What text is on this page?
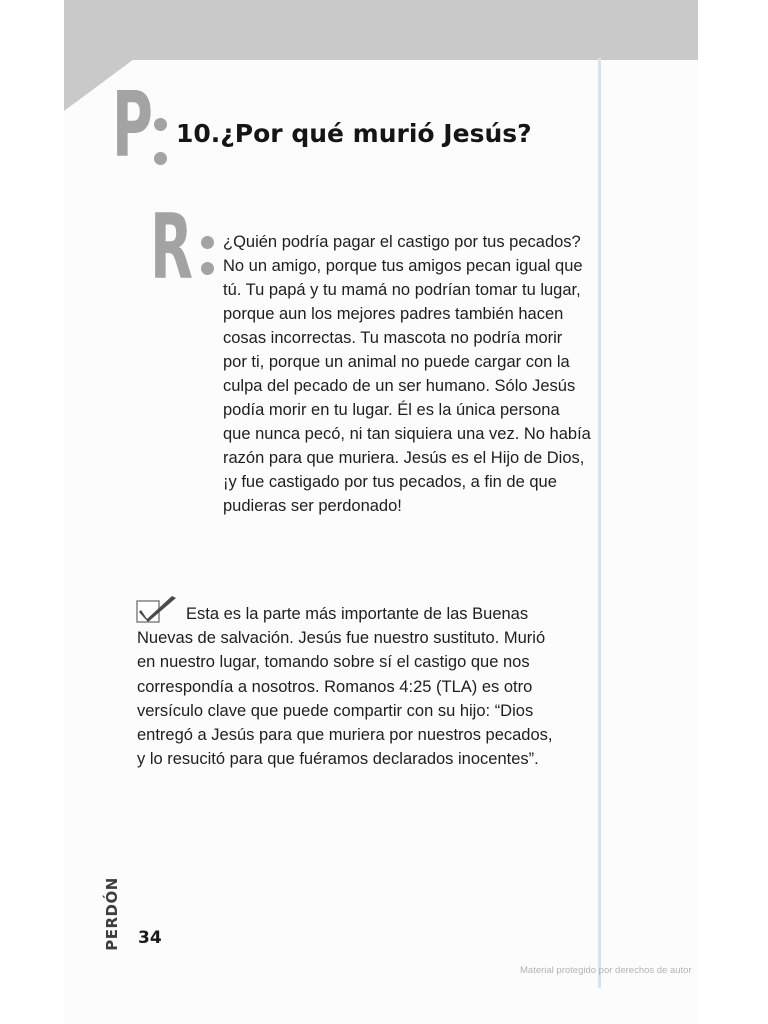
P 10.¿Por qué murió Jesús?
R ¿Quién podría pagar el castigo por tus pecados?
No un amigo, porque tus amigos pecan igual que
tú. Tu papá y tu mamá no podrían tomar tu lugar,
porque aun los mejores padres también hacen
cosas incorrectas. Tu mascota no podría morir
por ti, porque un animal no puede cargar con la
culpa del pecado de un ser humano. Sólo Jesús
podía morir en tu lugar. Él es la única persona
que nunca pecó, ni tan siquiera una vez. No había
razón para que muriera. Jesús es el Hijo de Dios,
¡y fue castigado por tus pecados, a fin de que
pudieras ser perdonado!

Esta es la parte más importante de las Buenas
Nuevas de salvación. Jesús fue nuestro sustituto. Murió
en nuestro lugar, tomando sobre sí el castigo que nos
correspondía a nosotros. Romanos 4:25 (TLA) es otro
versículo clave que puede compartir con su hijo: “Dios
entregó a Jesús para que muriera por nuestros pecados,
y lo resucitó para que fuéramos declarados inocentes”.

PERDÓN 34
Material protegido por derechos de autor
